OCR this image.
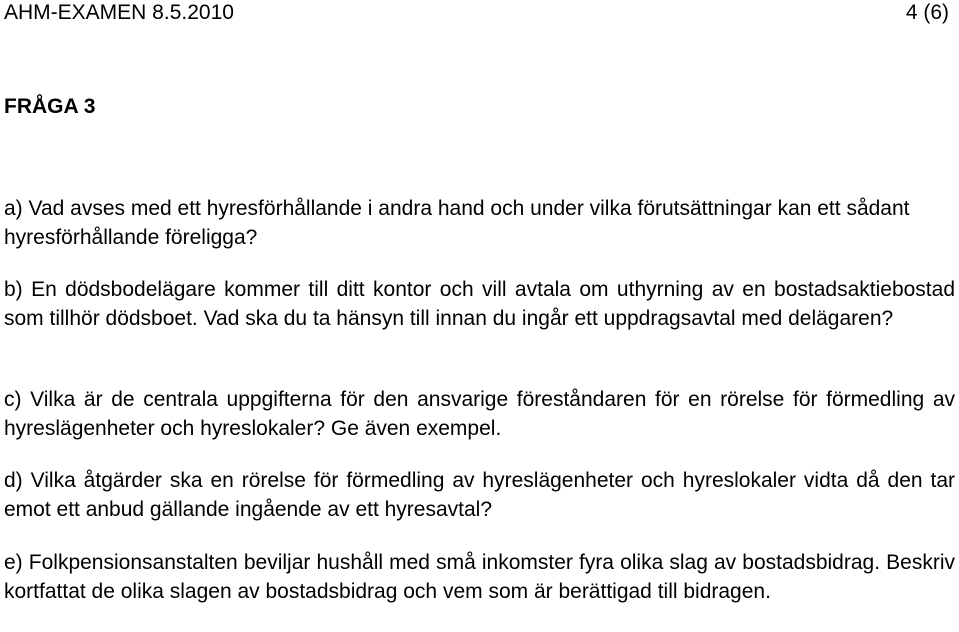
AHM-EXAMEN 8.5.2010	4 (6)
FRÅGA 3

a) Vad avses med ett hyresförhållande i andra hand och under vilka förutsättningar kan ett sådant hyresförhållande föreligga?

b) En dödsbodelägare kommer till ditt kontor och vill avtala om uthyrning av en bostadsaktiebostad som tillhör dödsboet. Vad ska du ta hänsyn till innan du ingår ett uppdragsavtal med delägaren?

c) Vilka är de centrala uppgifterna för den ansvarige föreståndaren för en rörelse för förmedling av hyreslägenheter och hyreslokaler? Ge även exempel.

d) Vilka åtgärder ska en rörelse för förmedling av hyreslägenheter och hyreslokaler vidta då den tar emot ett anbud gällande ingående av ett hyresavtal?

e) Folkpensionsanstalten beviljar hushåll med små inkomster fyra olika slag av bostadsbidrag. Beskriv kortfattat de olika slagen av bostadsbidrag och vem som är berättigad till bidragen.
